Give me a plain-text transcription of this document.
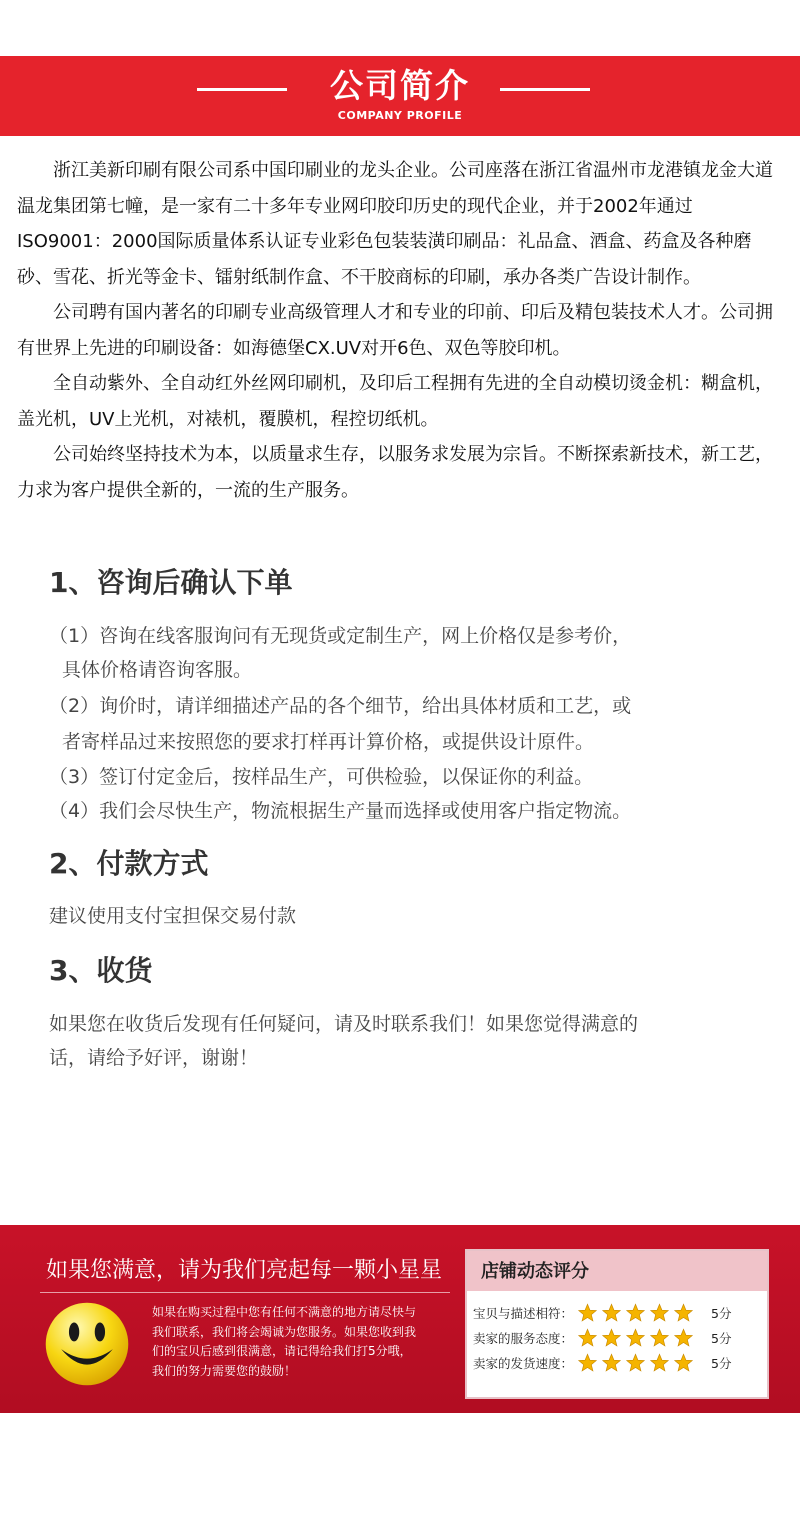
公司简介
COMPANY PROFILE

浙江美新印刷有限公司系中国印刷业的龙头企业。公司座落在浙江省温州市龙港镇龙金大道温龙集团第七幢，是一家有二十多年专业网印胶印历史的现代企业，并于2002年通过ISO9001：2000国际质量体系认证专业彩色包装装潢印刷品：礼品盒、酒盒、药盒及各种磨砂、雪花、折光等金卡、镭射纸制作盒、不干胶商标的印刷，承办各类广告设计制作。

公司聘有国内著名的印刷专业高级管理人才和专业的印前、印后及精包装技术人才。公司拥有世界上先进的印刷设备：如海德堡CX.UV对开6色、双色等胶印机。

全自动紫外、全自动红外丝网印刷机，及印后工程拥有先进的全自动模切烫金机：糊盒机，盖光机，UV上光机，对裱机，覆膜机，程控切纸机。

公司始终坚持技术为本，以质量求生存，以服务求发展为宗旨。不断探索新技术，新工艺，力求为客户提供全新的，一流的生产服务。

1、咨询后确认下单
（1）咨询在线客服询问有无现货或定制生产，网上价格仅是参考价，
具体价格请咨询客服。
（2）询价时，请详细描述产品的各个细节，给出具体材质和工艺，或
者寄样品过来按照您的要求打样再计算价格，或提供设计原件。
（3）签订付定金后，按样品生产，可供检验，以保证你的利益。
（4）我们会尽快生产，物流根据生产量而选择或使用客户指定物流。
2、付款方式
建议使用支付宝担保交易付款
3、收货
如果您在收货后发现有任何疑问，请及时联系我们！如果您觉得满意的
话，请给予好评，谢谢！
如果您满意，请为我们亮起每一颗小星星
如果在购买过程中您有任何不满意的地方请尽快与
我们联系，我们将会竭诚为您服务。如果您收到我
们的宝贝后感到很满意，请记得给我们打5分哦，
我们的努力需要您的鼓励！
店铺动态评分
宝贝与描述相符：	5分
卖家的服务态度：	5分
卖家的发货速度：	5分
